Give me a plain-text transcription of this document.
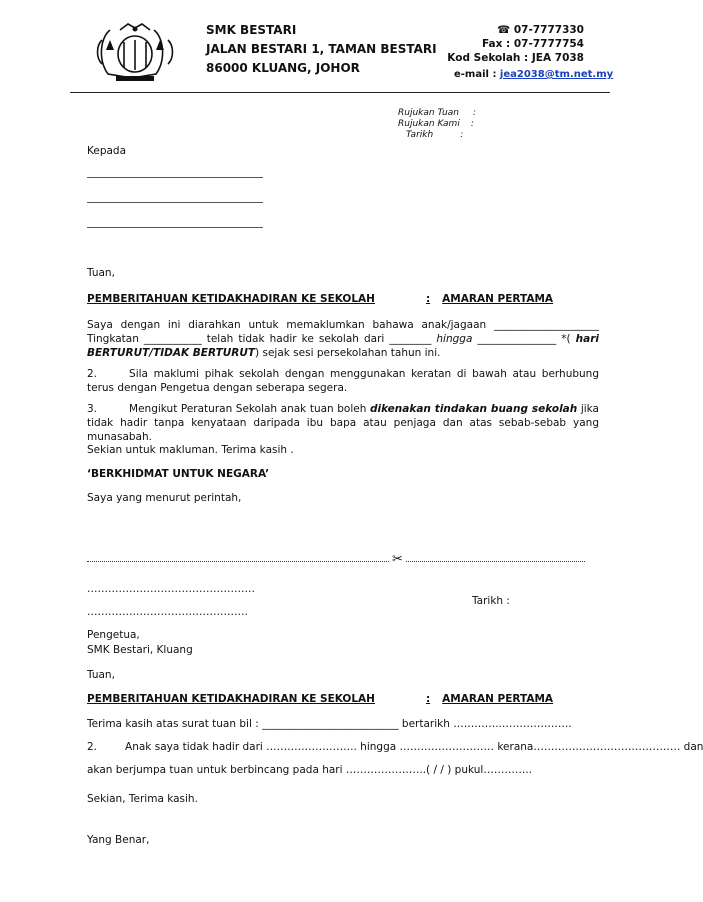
SMK BESTARI
JALAN BESTARI 1, TAMAN BESTARI
86000 KLUANG, JOHOR
☎ 07-7777330
Fax : 07-7777754
Kod Sekolah : JEA 7038
e-mail : jea2038@tm.net.my
Rujukan Tuan :
Rujukan Kami :
Tarikh	:
Kepada
Tuan,
PEMBERITAHUAN KETIDAKHADIRAN KE SEKOLAH	: AMARAN PERTAMA
Saya dengan ini diarahkan untuk memaklumkan bahawa anak/jagaan ____________________ Tingkatan ___________ telah tidak hadir ke sekolah dari ________ hingga _______________ *( hari BERTURUT/TIDAK BERTURUT) sejak sesi persekolahan tahun ini.
2.	Sila maklumi pihak sekolah dengan menggunakan keratan di bawah atau berhubung terus dengan Pengetua dengan seberapa segera.
3.	Mengikut Peraturan Sekolah anak tuan boleh dikenakan tindakan buang sekolah jika tidak hadir tanpa kenyataan daripada ibu bapa atau penjaga dan atas sebab-sebab yang munasabah.
Sekian untuk makluman. Terima kasih .
‘BERKHIDMAT UNTUK NEGARA’
Saya yang menurut perintah,
✂
…………………………………………
Tarikh :
……………………………………….
Pengetua,
SMK Bestari, Kluang
Tuan,
PEMBERITAHUAN KETIDAKHADIRAN KE SEKOLAH	: AMARAN PERTAMA
Terima kasih atas surat tuan bil : __________________________ bertarikh …………..………………..
2.	Anak saya tidak hadir dari …………………….. hingga ……………………… kerana…………………………………… dan
akan berjumpa tuan untuk berbincang pada hari …………………..( / / ) pukul…………..
Sekian, Terima kasih.
Yang Benar,
